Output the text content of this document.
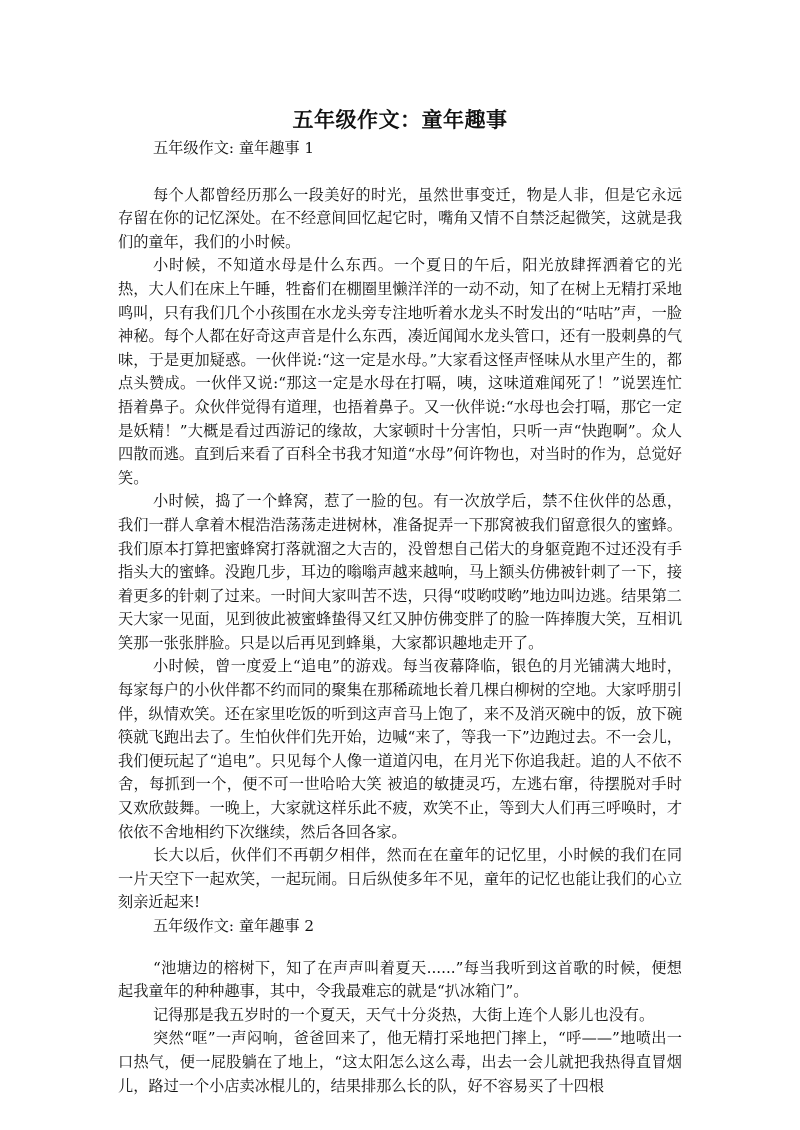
五年级作文：童年趣事

五年级作文: 童年趣事 1

每个人都曾经历那么一段美好的时光，虽然世事变迁，物是人非，但是它永远存留在你的记忆深处。在不经意间回忆起它时，嘴角又情不自禁泛起微笑，这就是我们的童年，我们的小时候。

小时候，不知道水母是什么东西。一个夏日的午后，阳光放肆挥洒着它的光热，大人们在床上午睡，牲畜们在棚圈里懒洋洋的一动不动，知了在树上无精打采地鸣叫，只有我们几个小孩围在水龙头旁专注地听着水龙头不时发出的“咕咕”声，一脸神秘。每个人都在好奇这声音是什么东西，凑近闻闻水龙头管口，还有一股刺鼻的气味，于是更加疑惑。一伙伴说:“这一定是水母。”大家看这怪声怪味从水里产生的，都点头赞成。一伙伴又说:“那这一定是水母在打嗝，咦，这味道难闻死了！”说罢连忙捂着鼻子。众伙伴觉得有道理，也捂着鼻子。又一伙伴说:“水母也会打嗝，那它一定是妖精！”大概是看过西游记的缘故，大家顿时十分害怕，只听一声“快跑啊”。众人四散而逃。直到后来看了百科全书我才知道“水母”何许物也，对当时的作为，总觉好笑。

小时候，捣了一个蜂窝，惹了一脸的包。有一次放学后，禁不住伙伴的怂恿，我们一群人拿着木棍浩浩荡荡走进树林，准备捉弄一下那窝被我们留意很久的蜜蜂。我们原本打算把蜜蜂窝打落就溜之大吉的，没曾想自己偌大的身躯竟跑不过还没有手指头大的蜜蜂。没跑几步，耳边的嗡嗡声越来越响，马上额头仿佛被针刺了一下，接着更多的针刺了过来。一时间大家叫苦不迭，只得“哎哟哎哟”地边叫边逃。结果第二天大家一见面，见到彼此被蜜蜂蛰得又红又肿仿佛变胖了的脸一阵捧腹大笑，互相讥笑那一张张胖脸。只是以后再见到蜂巢，大家都识趣地走开了。

小时候，曾一度爱上“追电”的游戏。每当夜幕降临，银色的月光铺满大地时，每家每户的小伙伴都不约而同的聚集在那稀疏地长着几棵白柳树的空地。大家呼朋引伴，纵情欢笑。还在家里吃饭的听到这声音马上饱了，来不及消灭碗中的饭，放下碗筷就飞跑出去了。生怕伙伴们先开始，边喊“来了，等我一下”边跑过去。不一会儿，我们便玩起了“追电”。只见每个人像一道道闪电，在月光下你追我赶。追的人不依不舍，每抓到一个，便不可一世哈哈大笑 被追的敏捷灵巧，左逃右窜，待摆脱对手时又欢欣鼓舞。一晚上，大家就这样乐此不疲，欢笑不止，等到大人们再三呼唤时，才依依不舍地相约下次继续，然后各回各家。

长大以后，伙伴们不再朝夕相伴，然而在在童年的记忆里，小时候的我们在同一片天空下一起欢笑，一起玩闹。日后纵使多年不见，童年的记忆也能让我们的心立刻亲近起来!

五年级作文: 童年趣事 2

“池塘边的榕树下，知了在声声叫着夏天......”每当我听到这首歌的时候，便想起我童年的种种趣事，其中，令我最难忘的就是“扒冰箱门”。

记得那是我五岁时的一个夏天，天气十分炎热，大街上连个人影儿也没有。

突然“哐”一声闷响，爸爸回来了，他无精打采地把门摔上，“呼——”地喷出一口热气，便一屁股躺在了地上，“这太阳怎么这么毒，出去一会儿就把我热得直冒烟儿，路过一个小店卖冰棍儿的，结果排那么长的队，好不容易买了十四根
